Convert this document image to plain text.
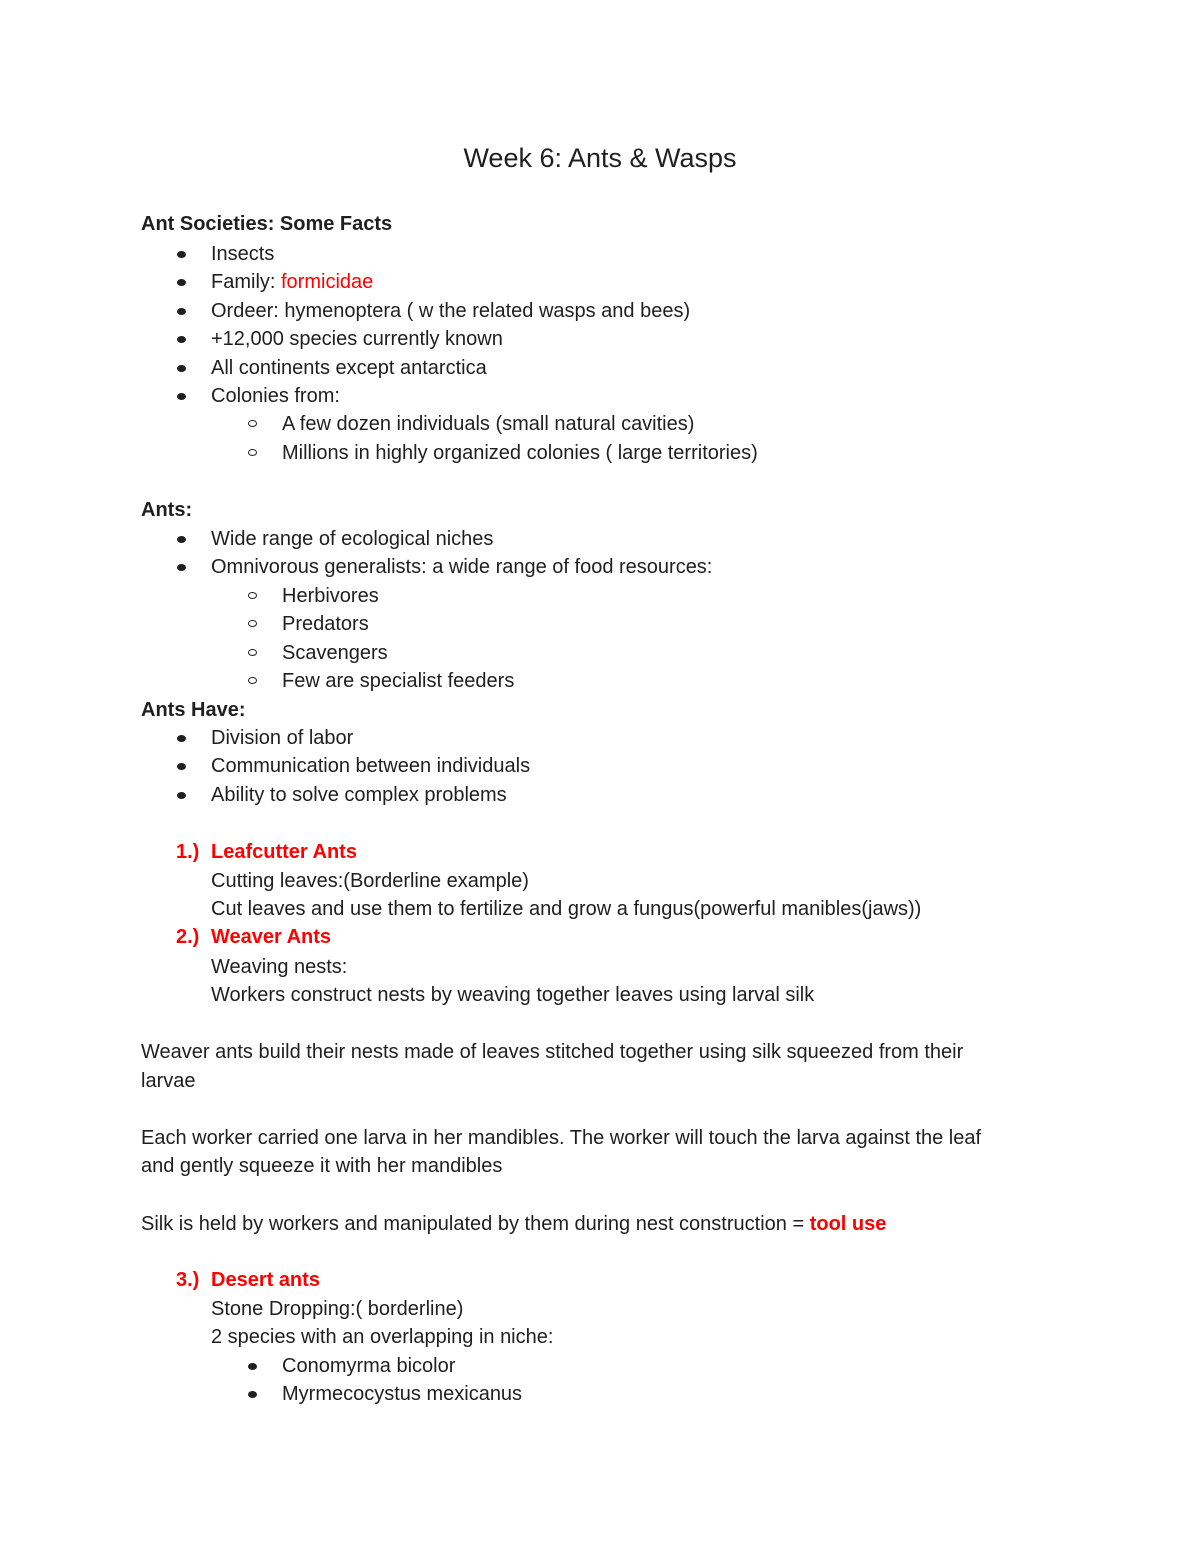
Week 6: Ants & Wasps
Ant Societies: Some Facts
Insects
Family: formicidae
Ordeer: hymenoptera ( w the related wasps and bees)
+12,000 species currently known
All continents except antarctica
Colonies from:
A few dozen individuals (small natural cavities)
Millions in highly organized colonies ( large territories)
Ants:
Wide range of ecological niches
Omnivorous generalists: a wide range of food resources:
Herbivores
Predators
Scavengers
Few are specialist feeders
Ants Have:
Division of labor
Communication between individuals
Ability to solve complex problems
1.) Leafcutter Ants
Cutting leaves:(Borderline example)
Cut leaves and use them to fertilize and grow a fungus(powerful manibles(jaws))
2.) Weaver Ants
Weaving nests:
Workers construct nests by weaving together leaves using larval silk
Weaver ants build their nests made of leaves stitched together using silk squeezed from their
larvae
Each worker carried one larva in her mandibles. The worker will touch the larva against the leaf
and gently squeeze it with her mandibles
Silk is held by workers and manipulated by them during nest construction = tool use
3.) Desert ants
Stone Dropping:( borderline)
2 species with an overlapping in niche:
Conomyrma bicolor
Myrmecocystus mexicanus
